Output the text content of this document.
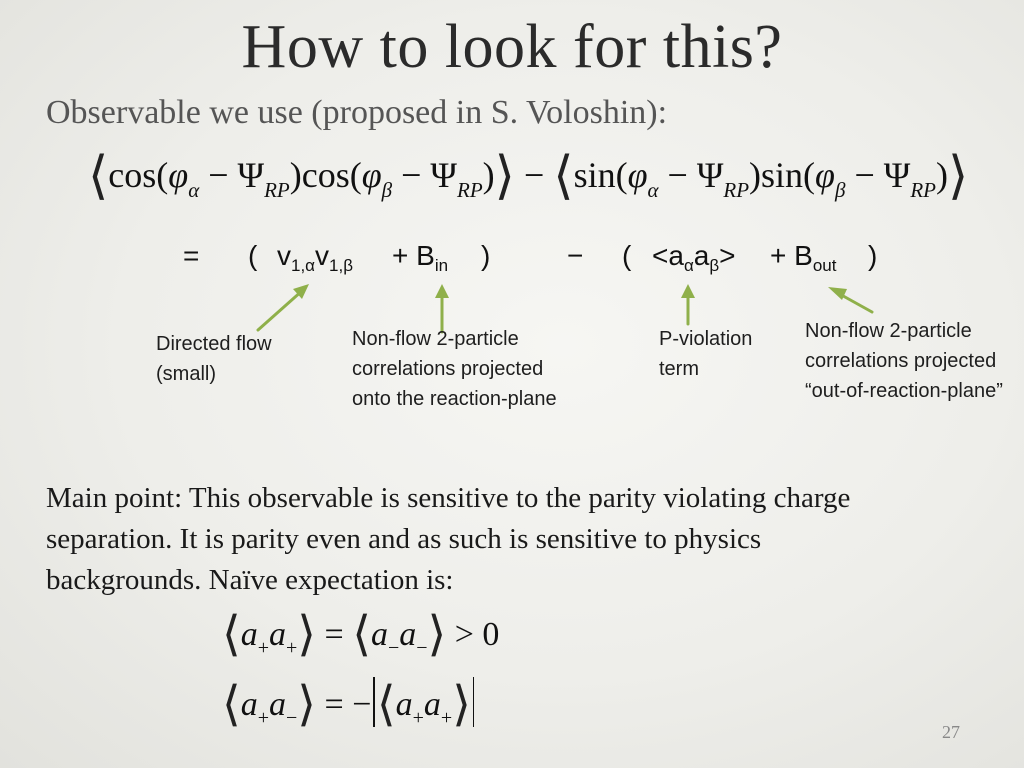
How to look for this?
Observable we use (proposed in S. Voloshin):
$⟨\cos(\varphi_\alpha - \Psi_{RP})\cos(\varphi_\beta$ − $\Psi_{RP})⟩$ − $⟨\sin(\varphi_\alpha - \Psi_{RP})\sin(\varphi_\beta$ − $\Psi_{RP})⟩$
= ( $v_{1,\alpha}v_{1,\beta} + B_{in}$ )	− ( $<a_\alpha a_\beta> + B_{out}$ )
Directed flow (small)
Non-flow 2-particle correlations projected onto the reaction-plane
P-violation term
Non-flow 2-particle correlations projected “out-of-reaction-plane”
Main point: This observable is sensitive to the parity violating charge separation. It is parity even and as such is sensitive to physics backgrounds. Naïve expectation is:
$⟨a_+a_+⟩$ = $⟨a_-a_-⟩ > 0$
$⟨a_+a_-⟩$ = − $⟨a_+a_+⟩$
27
